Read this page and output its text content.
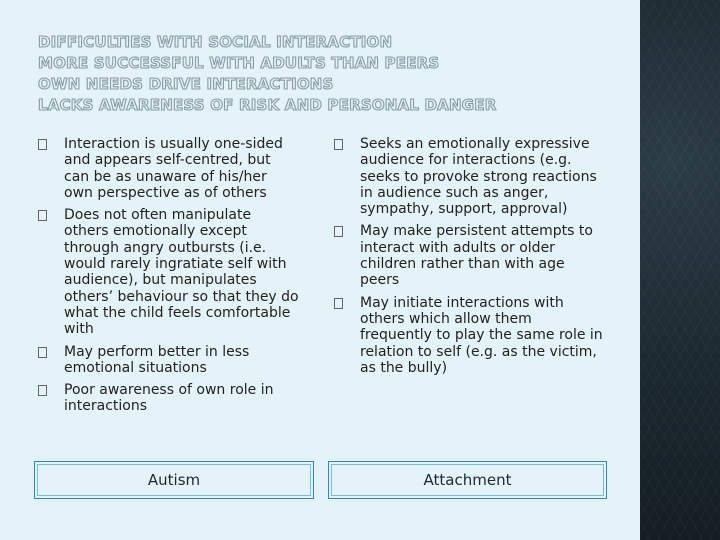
DIFFICULTIES WITH SOCIAL INTERACTION
MORE SUCCESSFUL WITH ADULTS THAN PEERS
OWN NEEDS DRIVE INTERACTIONS
LACKS AWARENESS OF RISK AND PERSONAL DANGER
Interaction is usually one-sided and appears self-centred, but can be as unaware of his/her own perspective as of others
Does not often manipulate others emotionally except through angry outbursts (i.e. would rarely ingratiate self with audience), but manipulates others’ behaviour so that they do what the child feels comfortable with
May perform better in less emotional situations
Poor awareness of own role in interactions
Seeks an emotionally expressive audience for interactions (e.g. seeks to provoke strong reactions in audience such as anger, sympathy, support, approval)
May make persistent attempts to interact with adults or older children rather than with age peers
May initiate interactions with others which allow them frequently to play the same role in relation to self (e.g. as the victim, as the bully)
Autism	Attachment
